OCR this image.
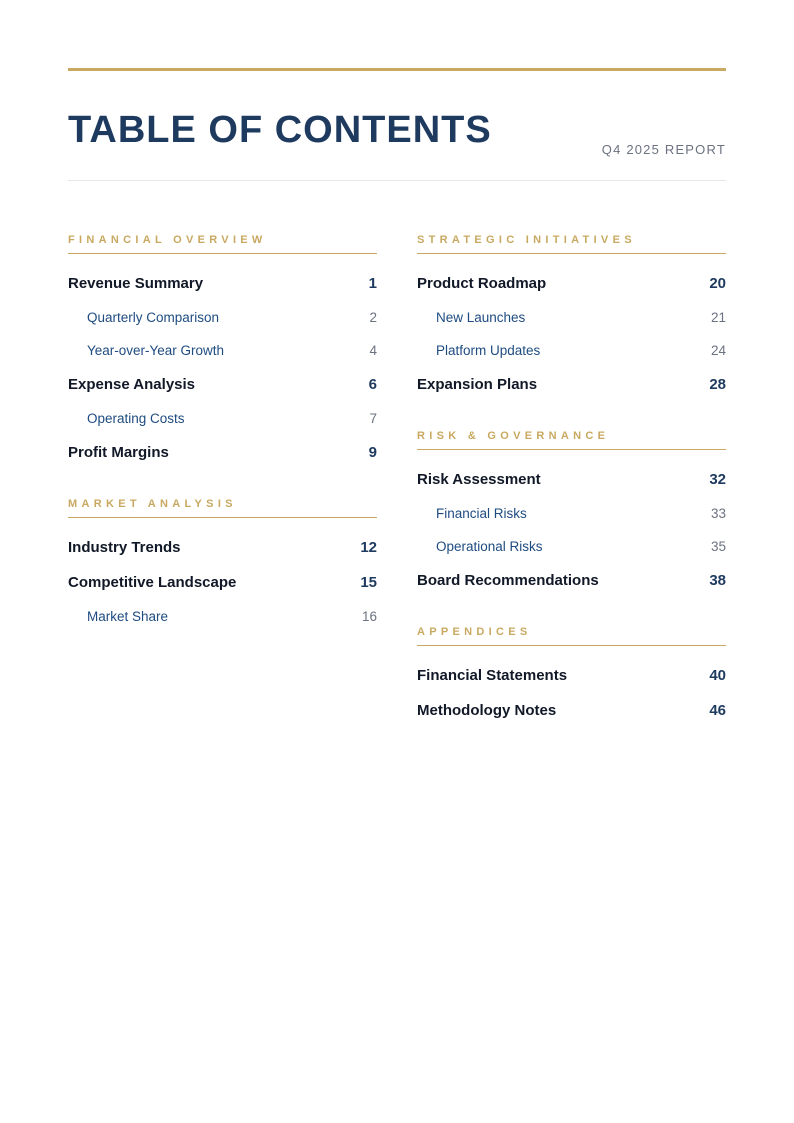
TABLE OF CONTENTS	Q4 2025 REPORT
FINANCIAL OVERVIEW
Revenue Summary	1
Quarterly Comparison	2
Year-over-Year Growth	4
Expense Analysis	6
Operating Costs	7
Profit Margins	9
MARKET ANALYSIS
Industry Trends	12
Competitive Landscape	15
Market Share	16
STRATEGIC INITIATIVES
Product Roadmap	20
New Launches	21
Platform Updates	24
Expansion Plans	28
RISK & GOVERNANCE
Risk Assessment	32
Financial Risks	33
Operational Risks	35
Board Recommendations	38
APPENDICES
Financial Statements	40
Methodology Notes	46
